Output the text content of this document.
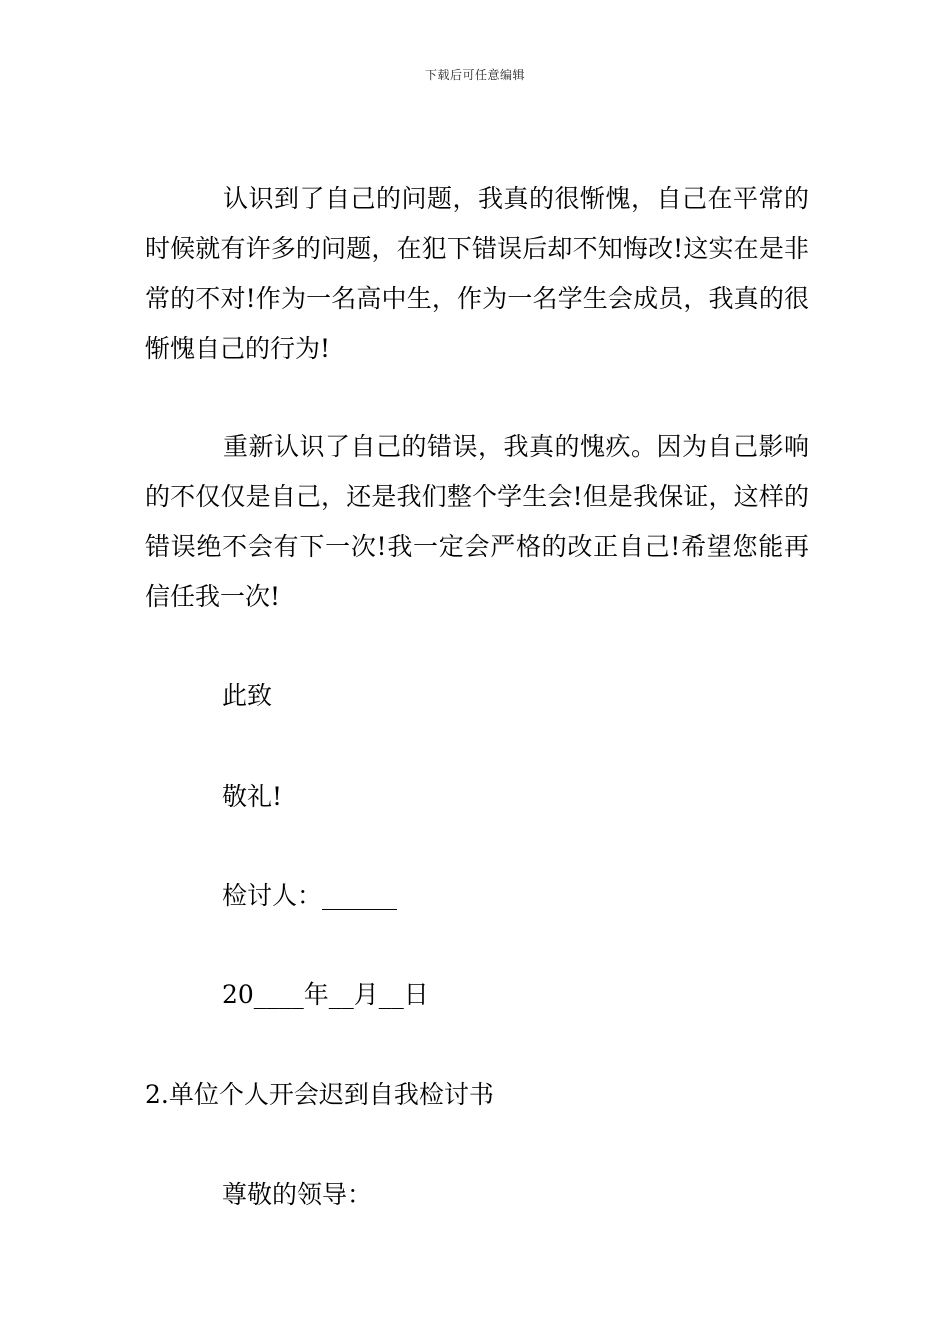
下载后可任意编辑

认识到了自己的问题，我真的很惭愧，自己在平常的时候就有许多的问题，在犯下错误后却不知悔改!这实在是非常的不对!作为一名高中生，作为一名学生会成员，我真的很惭愧自己的行为!

重新认识了自己的错误，我真的愧疚。因为自己影响的不仅仅是自己，还是我们整个学生会!但是我保证，这样的错误绝不会有下一次!我一定会严格的改正自己!希望您能再信任我一次!

此致

敬礼!

检讨人：______

20____年__月__日

2.单位个人开会迟到自我检讨书

尊敬的领导：
